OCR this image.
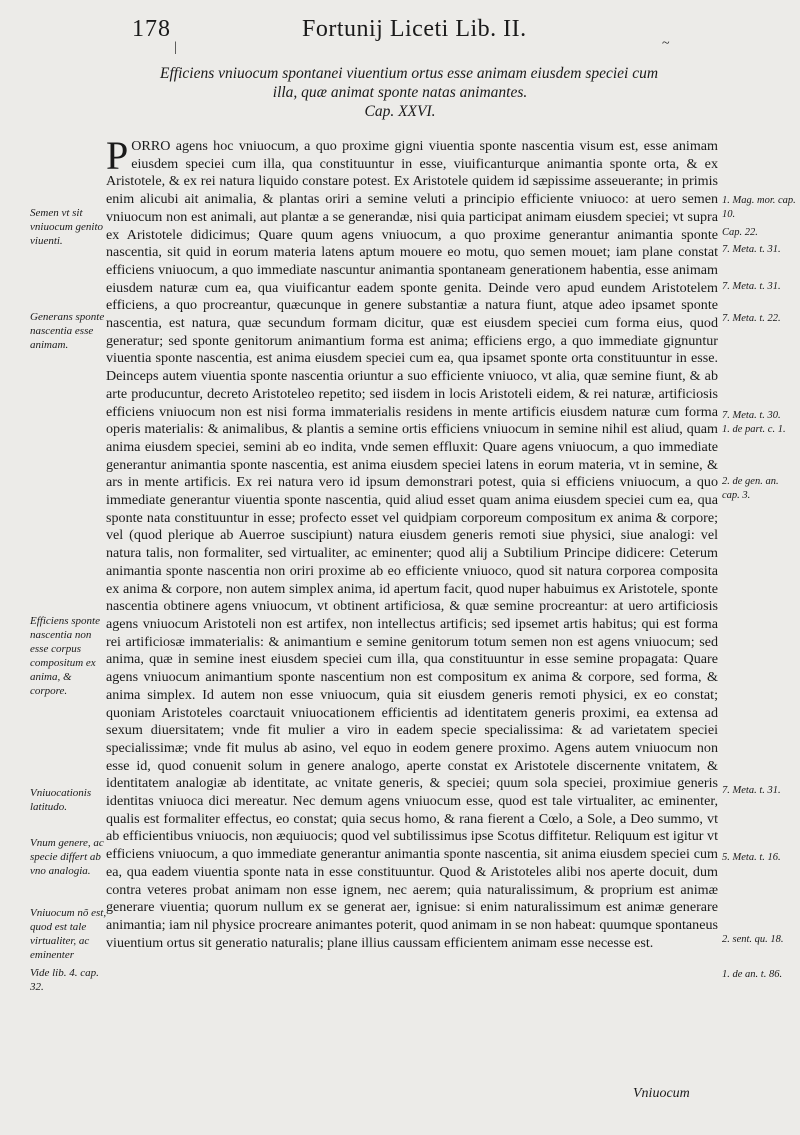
178	Fortunij Liceti Lib. II.
|	~
Efficiens vniuocum spontanei viuentium ortus esse animam eiusdem speciei cum
illa, quæ animat sponte natas animantes.
Cap. XXVI.

PORRO agens hoc vniuocum, a quo proxime gigni viuentia sponte nascentia visum est, esse animam eiusdem speciei cum illa, qua constituuntur in esse, viuificanturque animantia sponte orta, & ex Aristotele, & ex rei natura liquido constare potest. Ex Aristotele quidem id sæpissime asseuerante; in primis enim alicubi ait animalia, & plantas oriri a semine veluti a principio efficiente vniuoco: at uero semen vniuocum non est animali, aut plantæ a se generandæ, nisi quia participat animam eiusdem speciei; vt supra ex Aristotele didicimus; Quare quum agens vniuocum, a quo proxime generantur animantia sponte nascentia, sit quid in eorum materia latens aptum mouere eo motu, quo semen mouet; iam plane constat efficiens vniuocum, a quo immediate nascuntur animantia spontaneam generationem habentia, esse animam eiusdem naturæ cum ea, qua viuificantur eadem sponte genita. Deinde vero apud eundem Aristotelem efficiens, a quo procreantur, quæcunque in genere substantiæ a natura fiunt, atque adeo ipsamet sponte nascentia, est natura, quæ secundum formam dicitur, quæ est eiusdem speciei cum forma eius, quod generatur; sed sponte genitorum animantium forma est anima; efficiens ergo, a quo immediate gignuntur viuentia sponte nascentia, est anima eiusdem speciei cum ea, qua ipsamet sponte orta constituuntur in esse. Deinceps autem viuentia sponte nascentia oriuntur a suo efficiente vniuoco, vt alia, quæ semine fiunt, & ab arte producuntur, decreto Aristoteleo repetito; sed iisdem in locis Aristoteli eidem, & rei naturæ, artificiosis efficiens vniuocum non est nisi forma immaterialis residens in mente artificis eiusdem naturæ cum forma operis materialis: & animalibus, & plantis a semine ortis efficiens vniuocum in semine nihil est aliud, quam anima eiusdem speciei, semini ab eo indita, vnde semen effluxit: Quare agens vniuocum, a quo immediate generantur animantia sponte nascentia, est anima eiusdem speciei latens in eorum materia, vt in semine, & ars in mente artificis. Ex rei natura vero id ipsum demonstrari potest, quia si efficiens vniuocum, a quo immediate generantur viuentia sponte nascentia, quid aliud esset quam anima eiusdem speciei cum ea, qua sponte nata constituuntur in esse; profecto esset vel quidpiam corporeum compositum ex anima & corpore; vel (quod plerique ab Auerroe suscipiunt) natura eiusdem generis remoti siue physici, siue analogi: vel natura talis, non formaliter, sed virtualiter, ac eminenter; quod alij a Subtilium Principe didicere: Ceterum animantia sponte nascentia non oriri proxime ab eo efficiente vniuoco, quod sit natura corporea composita ex anima & corpore, non autem simplex anima, id apertum facit, quod nuper habuimus ex Aristotele, sponte nascentia obtinere agens vniuocum, vt obtinent artificiosa, & quæ semine procreantur: at uero artificiosis agens vniuocum Aristoteli non est artifex, non intellectus artificis; sed ipsemet artis habitus; qui est forma rei artificiosæ immaterialis: & animantium e semine genitorum totum semen non est agens vniuocum; sed anima, quæ in semine inest eiusdem speciei cum illa, qua constituuntur in esse semine propagata: Quare agens vniuocum animantium sponte nascentium non est compositum ex anima & corpore, sed forma, & anima simplex. Id autem non esse vniuocum, quia sit eiusdem generis remoti physici, ex eo constat; quoniam Aristoteles coarctauit vniuocationem efficientis ad identitatem generis proximi, ea extensa ad sexum diuersitatem; vnde fit mulier a viro in eadem specie specialissima: & ad varietatem speciei specialissimæ; vnde fit mulus ab asino, vel equo in eodem genere proximo. Agens autem vniuocum non esse id, quod conuenit solum in genere analogo, aperte constat ex Aristotele discernente vnitatem, & identitatem analogiæ ab identitate, ac vnitate generis, & speciei; quum sola speciei, proximiue generis identitas vniuoca dici mereatur. Nec demum agens vniuocum esse, quod est tale virtualiter, ac eminenter, qualis est formaliter effectus, eo constat; quia secus homo, & rana fierent a Cœlo, a Sole, a Deo summo, vt ab efficientibus vniuocis, non æquiuocis; quod vel subtilissimus ipse Scotus diffitetur. Reliquum est igitur vt efficiens vniuocum, a quo immediate generantur animantia sponte nascentia, sit anima eiusdem speciei cum ea, qua eadem viuentia sponte nata in esse constituuntur. Quod & Aristoteles alibi nos aperte docuit, dum contra veteres probat animam non esse ignem, nec aerem; quia naturalissimum, & proprium est animæ generare viuentia; quorum nullum ex se generat aer, ignisue: si enim naturalissimum est animæ generare animantia; iam nil physice procreare animantes poterit, quod animam in se non habeat: quumque spontaneus viuentium ortus sit generatio naturalis; plane illius caussam efficientem animam esse necesse est.

Semen vt sit vniuocum genito viuenti.
Generans sponte nascentia esse animam.
Efficiens sponte nascentia non esse corpus compositum ex anima, & corpore.
Vniuocationis latitudo.
Vnum genere, ac specie differt ab vno analogia.
Vniuocum nõ est, quod est tale virtualiter, ac eminenter
Vide lib. 4. cap. 32.
1. Mag. mor. cap. 10.
Cap. 22.
7. Meta. t. 31.
7. Meta. t. 31.
7. Meta. t. 22.
7. Meta. t. 30.
1. de part. c. 1.
2. de gen. an. cap. 3.
7. Meta. t. 31.
5. Meta. t. 16.
2. sent. qu. 18.
1. de an. t. 86.
Vniuocum
